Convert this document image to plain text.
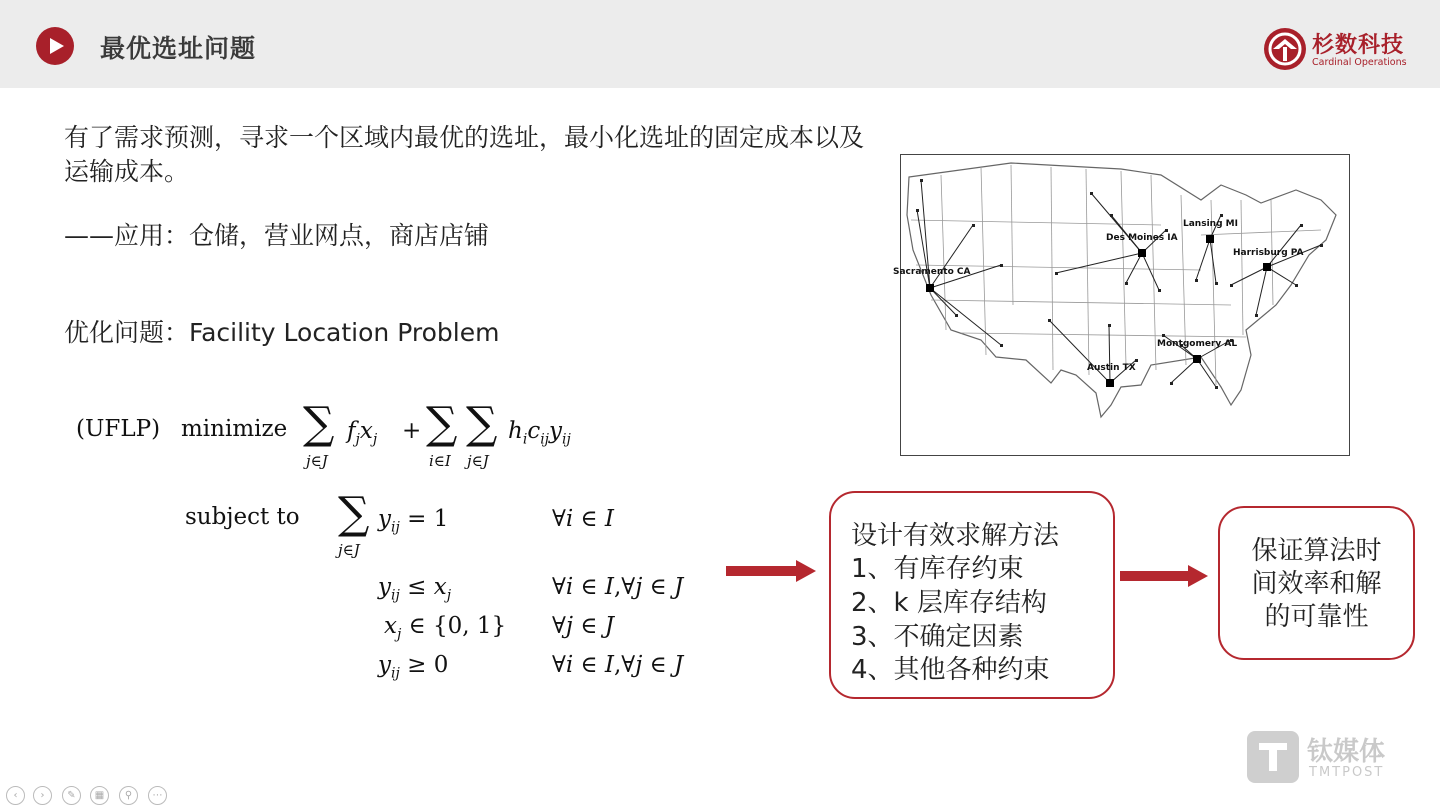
最优选址问题	杉数科技
Cardinal Operations
有了需求预测，寻求一个区域内最优的选址，最小化选址的固定成本以及运输成本。
——应用：仓储，营业网点，商店店铺
优化问题：Facility Location Problem
(UFLP) minimize
subject to
∑
j∈J
$f_jx_j$ + ∑
i∈I
∑
j∈J
$h_ic_{ij}y_{ij}$
∑
j∈J
$y_{ij} = 1$	∀i ∈ I
$y_{ij} \le x_j$	∀i ∈ I,∀j ∈ J
$x_j$ ∈ {0, 1} ∀j ∈ J
$y_{ij} \ge 0$	∀i ∈ I,∀j ∈ J
Sacramento CA
Des Moines IA
Lansing MI
Harrisburg PA
Montgomery AL
Austin TX
设计有效求解方法
1、有库存约束
2、k 层库存结构
3、不确定因素
4、其他各种约束
保证算法时
间效率和解
的可靠性
钛媒体
TMTPOST
‹	›	✎	▦	⚲	⋯
